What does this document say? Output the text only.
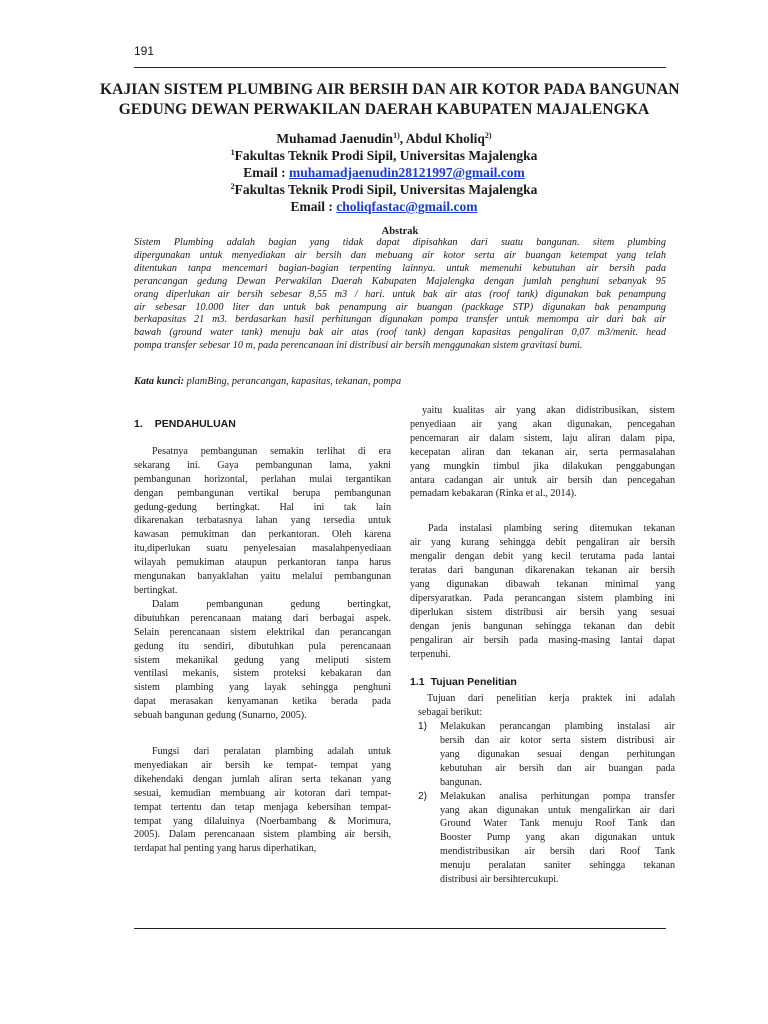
191
KAJIAN SISTEM PLUMBING AIR BERSIH DAN AIR KOTOR PADA BANGUNAN
GEDUNG DEWAN PERWAKILAN DAERAH KABUPATEN MAJALENGKA
Muhamad Jaenudin$^{1)}$, Abdul Kholiq$^{2)}$
$^1$Fakultas Teknik Prodi Sipil, Universitas Majalengka
Email : muhamadjaenudin28121997@gmail.com
$^2$Fakultas Teknik Prodi Sipil, Universitas Majalengka
Email : choliqfastac@gmail.com
Abstrak
Sistem Plumbing adalah bagian yang tidak dapat dipisahkan dari suatu bangunan. sitem plumbing
dipergunakan untuk menyediakan air bersih dan mebuang air kotor serta air buangan ketempat yang telah
ditentukan tanpa mencemari bagian-bagian terpenting lainnya. untuk memenuhi kebutuhan air bersih pada
perancangan gedung Dewan Perwakilan Daerah Kabupaten Majalengka dengan jumlah penghuni sebanyak 95
orang diperlukan air bersih sebesar 8,55 m3 / hari. untuk bak air atas (roof tank) digunakan bak penampung
air sebesar 10.000 liter dan untuk bak penampung air buangan (packkage STP) digunakan bak penampung
berkapasitas 21 m3. berdasarkan hasil perhitungan digunakan pompa transfer untuk memompa air dari bak air
bawah (ground water tank) menuju bak air atas (roof tank) dengan kapasitas pengaliran 0,07 m3/menit. head
pompa transfer sebesar 10 m, pada perencanaan ini distribusi air bersih menggunakan sistem gravitasi bumi.
Kata kunci: plamBing, perancangan, kapasitas, tekanan, pompa
1. PENDAHULUAN
Pesatnya pembangunan semakin terlihat di era
sekarang ini. Gaya pembangunan lama, yakni
pembangunan horizontal, perlahan mulai tergantikan
dengan pembangunan vertikal berupa pembangunan
gedung-gedung bertingkat. Hal ini tak lain
dikarenakan terbatasnya lahan yang tersedia untuk
kawasan pemukiman dan perkantoran. Oleh karena
itu,diperlukan suatu penyelesaian masalahpenyediaan
wilayah pemukiman ataupun perkantoran tanpa harus
mengunakan banyaklahan yaitu melalui pembangunan
bertingkat.
Dalam pembangunan gedung bertingkat,
dibutuhkan perencanaan matang dari berbagai aspek.
Selain perencanaan sistem elektrikal dan perancangan
gedung itu sendiri, dibutuhkan pula perencanaan
sistem mekanikal gedung yang meliputi sistem
ventilasi mekanis, sistem proteksi kebakaran dan
sistem plambing yang layak sehingga penghuni
dapat merasakan kenyamanan ketika berada pada
sebuah bangunan gedung (Sunarno, 2005).
Fungsi dari peralatan plambing adalah untuk
menyediakan air bersih ke tempat- tempat yang
dikehendaki dengan jumlah aliran serta tekanan yang
sesuai, kemudian membuang air kotoran dari tempat-
tempat tertentu dan tetap menjaga kebersihan tempat-
tempat yang dilaluinya (Noerbambang & Morimura,
2005). Dalam perencanaan sistem plambing air bersih,
terdapat hal penting yang harus diperhatikan,
yaitu kualitas air yang akan didistribusikan, sistem
penyediaan air yang akan digunakan, pencegahan
pencemaran air dalam sistem, laju aliran dalam pipa,
kecepatan aliran dan tekanan air, serta permasalahan
yang mungkin timbul jika dilakukan penggabungan
antara cadangan air untuk air bersih dan pencegahan
pemadam kebakaran (Rinka et al., 2014).
Pada instalasi plambing sering ditemukan tekanan
air yang kurang sehingga debit pengaliran air bersih
mengalir dengan debit yang kecil terutama pada lantai
teratas dari bangunan dikarenakan tekanan air bersih
yang digunakan dibawah tekanan minimal yang
dipersyaratkan. Pada perancangan sistem plambing ini
diperlukan sistem distribusi air bersih yang sesuai
dengan jenis bangunan sehingga tekanan dan debit
pengaliran air bersih pada masing-masing lantai dapat
terpenuhi.
1.1 Tujuan Penelitian
Tujuan dari penelitian kerja praktek ini adalah
sebagai berikut:
1) Melakukan perancangan plambing instalasi air
bersih dan air kotor serta sistem distribusi air
yang digunakan sesuai dengan perhitungan
kebutuhan air bersih dan air buangan pada
bangunan.
2) Melakukan analisa perhitungan pompa transfer
yang akan digunakan untuk mengalirkan air dari
Ground Water Tank menuju Roof Tank dan
Booster Pump yang akan digunakan untuk
mendistribusikan air bersih dari Roof Tank
menuju peralatan saniter sehingga tekanan
distribusi air bersihtercukupi.
